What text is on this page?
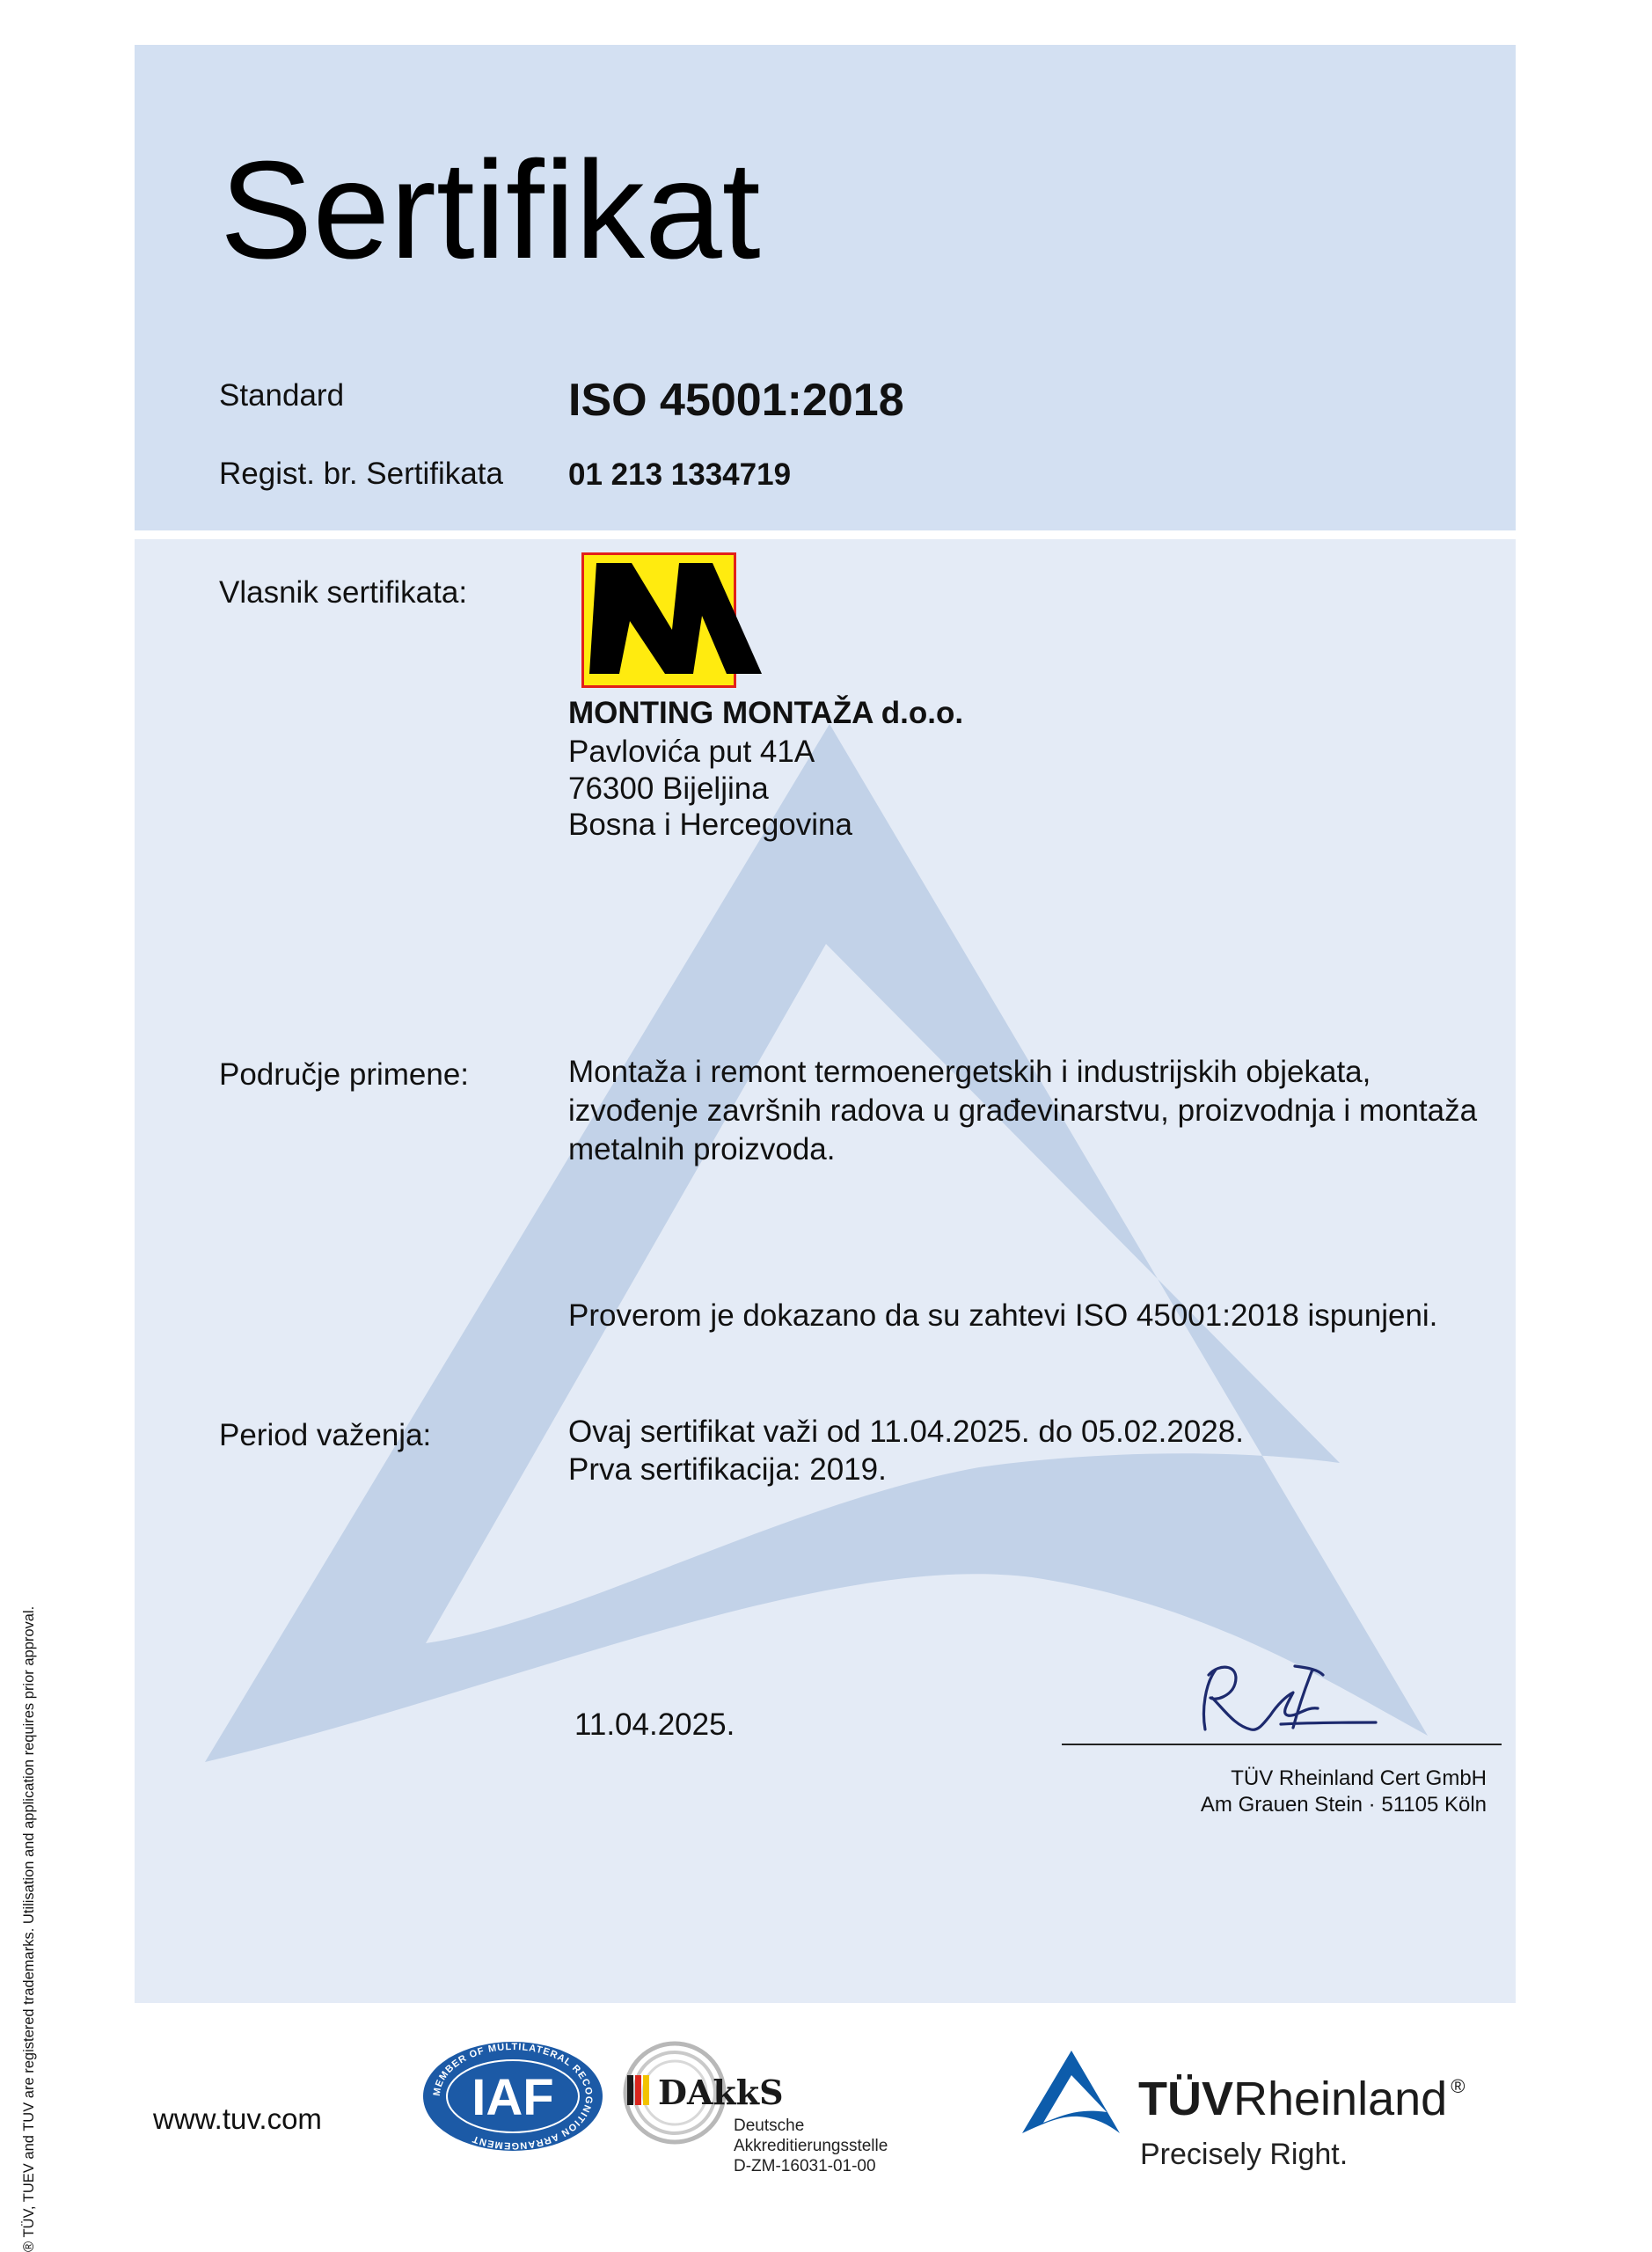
Sertifikat
Standard	ISO 45001:2018
Regist. br. Sertifikata 01 213 1334719
Vlasnik sertifikata:
MONTING MONTAŽA d.o.o.
Pavlovića put 41A
76300 Bijeljina
Bosna i Hercegovina
Područje primene:	Montaža i remont termoenergetskih i industrijskih objekata,
izvođenje završnih radova u građevinarstvu, proizvodnja i montaža
metalnih proizvoda.
Proverom je dokazano da su zahtevi ISO 45001:2018 ispunjeni.
Period važenja:	Ovaj sertifikat važi od 11.04.2025. do 05.02.2028.
Prva sertifikacija: 2019.
11.04.2025.
TÜV Rheinland Cert GmbH
Am Grauen Stein · 51105 Köln
® TÜV, TUEV and TUV are registered trademarks. Utilisation and application requires prior approval.	www.tuv.com
MEMBER OF MULTILATERAL RECOGNITION ARRANGEMENT
IAF	DAkkS
Deutsche
Akkreditierungsstelle
D-ZM-16031-01-00
TÜVRheinland ®
Precisely Right.
